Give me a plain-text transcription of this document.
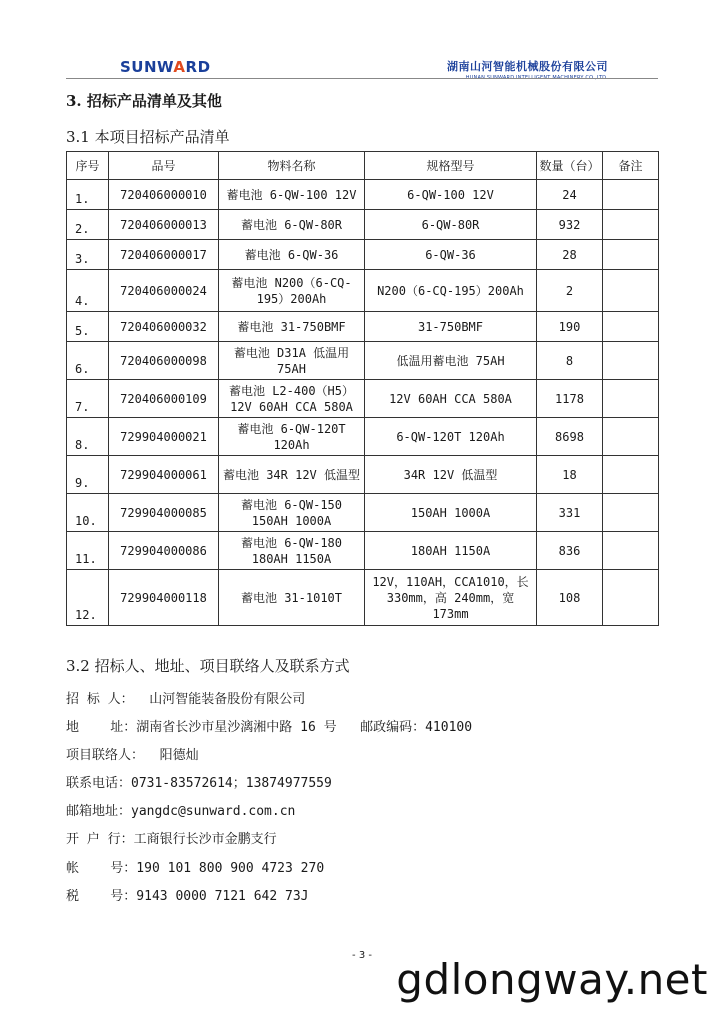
SUNWARD	湖南山河智能机械股份有限公司
HUNAN SUNWARD INTELLIGENT MACHINERY CO.,LTD.
3. 招标产品清单及其他
3.1 本项目招标产品清单
序号	品号	物料名称	规格型号	数量（台）	备注
1.	720406000010	蓄电池 6-QW-100 12V	6-QW-100 12V	24	
2.	720406000013	蓄电池 6-QW-80R	6-QW-80R	932	
3.	720406000017	蓄电池 6-QW-36	6-QW-36	28	
4.	720406000024	蓄电池 N200（6-CQ-195）200Ah	N200（6-CQ-195）200Ah	2	
5.	720406000032	蓄电池 31-750BMF	31-750BMF	190	
6.	720406000098	蓄电池 D31A 低温用 75AH	低温用蓄电池 75AH	8	
7.	720406000109	蓄电池 L2-400（H5）12V 60AH CCA 580A	12V 60AH CCA 580A	1178	
8.	729904000021	蓄电池 6-QW-120T 120Ah	6-QW-120T 120Ah	8698	
9.	729904000061	蓄电池 34R 12V 低温型	34R 12V 低温型	18	
10.	729904000085	蓄电池 6-QW-150 150AH 1000A	150AH 1000A	331	
11.	729904000086	蓄电池 6-QW-180 180AH 1150A	180AH 1150A	836	
12.	729904000118	蓄电池 31-1010T	12V，110AH，CCA1010，长 330mm，高 240mm，宽 173mm	108	
3.2 招标人、地址、项目联络人及联系方式
招 标 人：  山河智能装备股份有限公司
地    址：湖南省长沙市星沙漓湘中路 16 号   邮政编码：410100
项目联络人：  阳德灿
联系电话：0731-83572614；13874977559
邮箱地址：yangdc@sunward.com.cn
开 户 行：工商银行长沙市金鹏支行
帐    号：190 101 800 900 4723 270
税    号：9143 0000 7121 642 73J
- 3 - gdlongway.net
